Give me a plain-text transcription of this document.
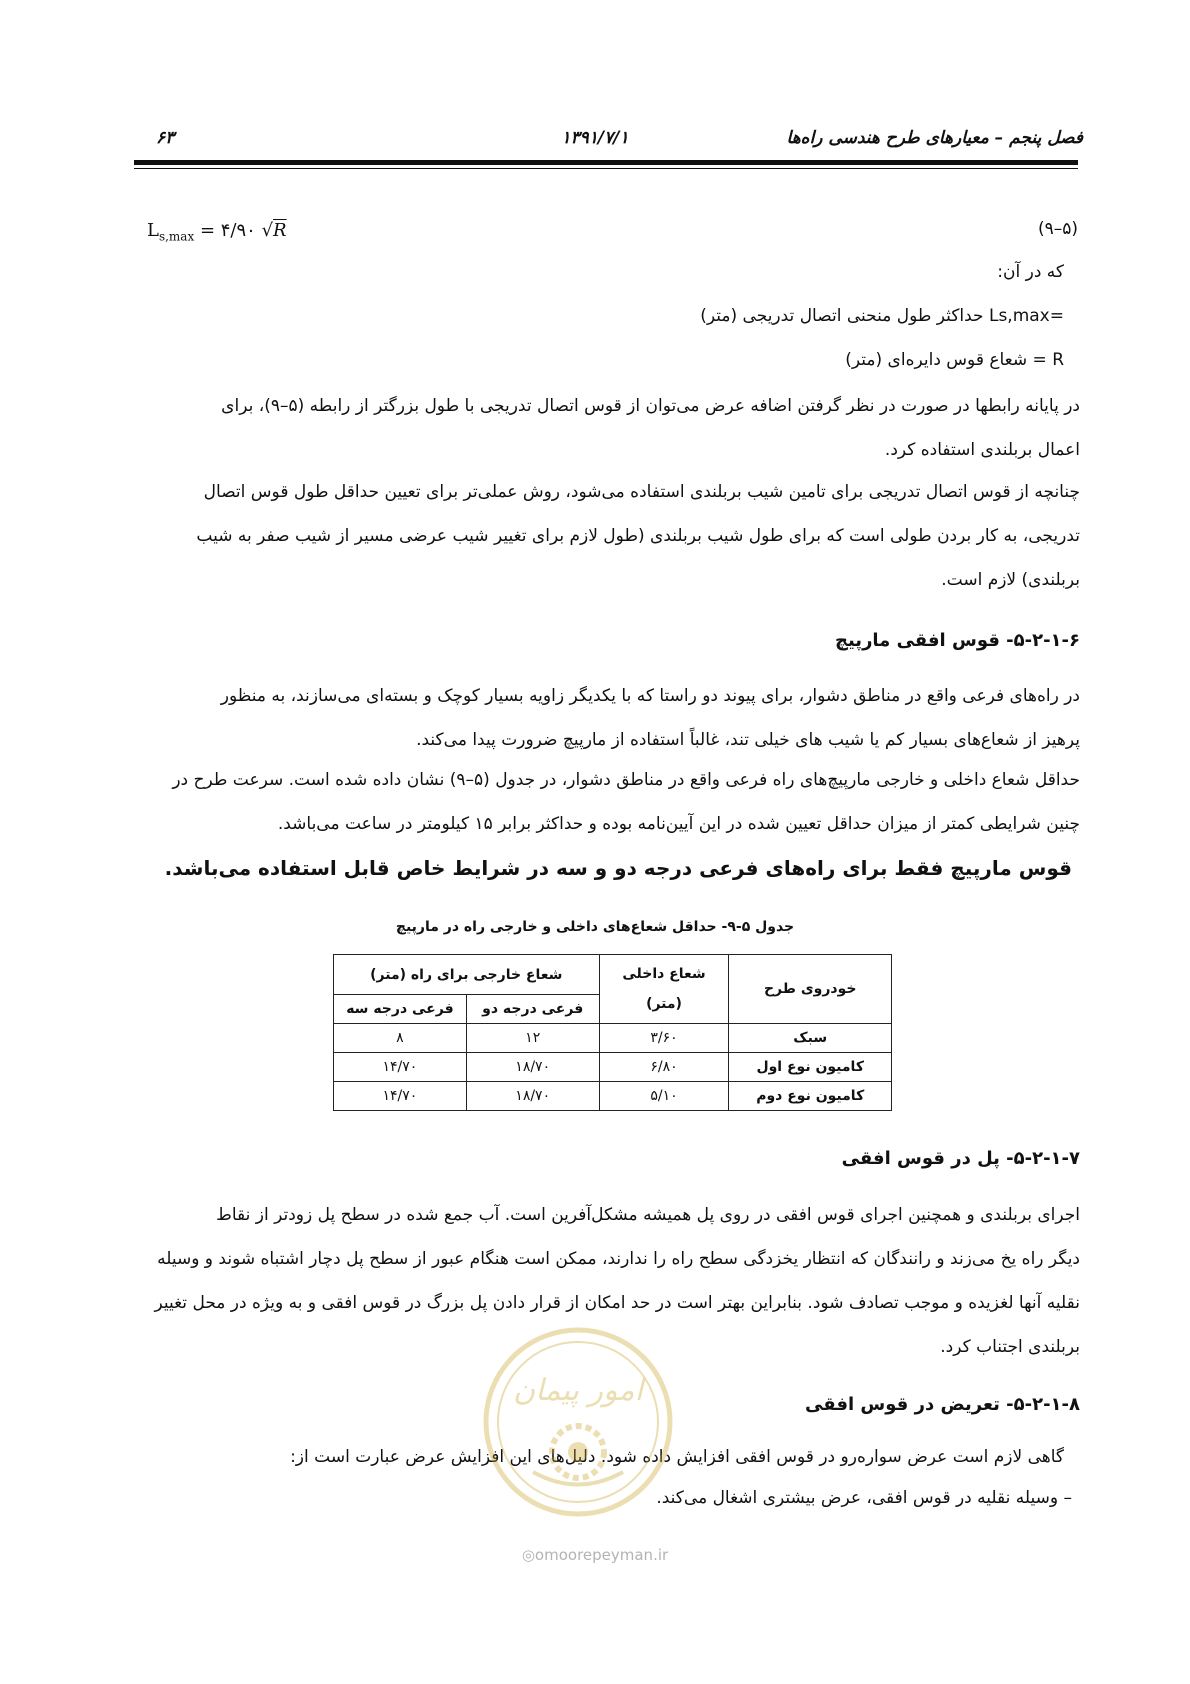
فصل پنجم – معیارهای طرح هندسی راه‌ها
۱۳۹۱/۷/۱
۶۳
$L_{s,max}$ = ۴/۹۰ √R	(۵–۹)
که در آن:
=Ls,max حداکثر طول منحنی اتصال تدریجی (متر)
R = شعاع قوس دایره‌ای (متر)
در پایانه رابطها در صورت در نظر گرفتن اضافه عرض می‌توان از قوس اتصال تدریجی با طول بزرگتر از رابطه (۵–۹)، برای
اعمال بربلندی استفاده کرد.
چنانچه از قوس اتصال تدریجی برای تامین شیب بربلندی استفاده می‌شود، روش عملی‌تر برای تعیین حداقل طول قوس اتصال
تدریجی، به کار بردن طولی است که برای طول شیب بربلندی (طول لازم برای تغییر شیب عرضی مسیر از شیب صفر به شیب
بربلندی) لازم است.
۵-۲-۱-۶- قوس افقی مارپیچ
در راه‌های فرعی واقع در مناطق دشوار، برای پیوند دو راستا که با یکدیگر زاویه بسیار کوچک و بسته‌ای می‌سازند، به منظور
پرهیز از شعاع‌های بسیار کم یا شیب های خیلی تند، غالباً استفاده از مارپیچ ضرورت پیدا می‌کند.
حداقل شعاع داخلی و خارجی مارپیچ‌های راه فرعی واقع در مناطق دشوار، در جدول (۵–۹) نشان داده شده است. سرعت طرح در
چنین شرایطی کمتر از میزان حداقل تعیین شده در این آیین‌نامه بوده و حداکثر برابر ۱۵ کیلومتر در ساعت می‌باشد.
قوس مارپیچ فقط برای راه‌های فرعی درجه دو و سه در شرایط خاص قابل استفاده می‌باشد.
جدول ۵-۹- حداقل شعاع‌های داخلی و خارجی راه در مارپیچ
خودروی طرح	شعاع داخلی
(متر)	شعاع خارجی برای راه (متر)	
		فرعی درجه دو	فرعی درجه سه
سبک	۳/۶۰	۱۲	۸
کامیون نوع اول	۶/۸۰	۱۸/۷۰	۱۴/۷۰
کامیون نوع دوم	۵/۱۰	۱۸/۷۰	۱۴/۷۰
۵-۲-۱-۷- پل در قوس افقی
اجرای بربلندی و همچنین اجرای قوس افقی در روی پل همیشه مشکل‌آفرین است. آب جمع شده در سطح پل زودتر از نقاط
دیگر راه یخ می‌زند و رانندگان که انتظار یخزدگی سطح راه را ندارند، ممکن است هنگام عبور از سطح پل دچار اشتباه شوند و وسیله
نقلیه آنها لغزیده و موجب تصادف شود. بنابراین بهتر است در حد امکان از قرار دادن پل بزرگ در قوس افقی و به ویژه در محل تغییر
بربلندی اجتناب کرد.
۵-۲-۱-۸- تعریض در قوس افقی
گاهی لازم است عرض سواره‌رو در قوس افقی افزایش داده شود. دلیل‌های این افزایش عرض عبارت است از:
– وسیله نقلیه در قوس افقی، عرض بیشتری اشغال می‌کند.
امور پیمان
◎omoorepeyman.ir
